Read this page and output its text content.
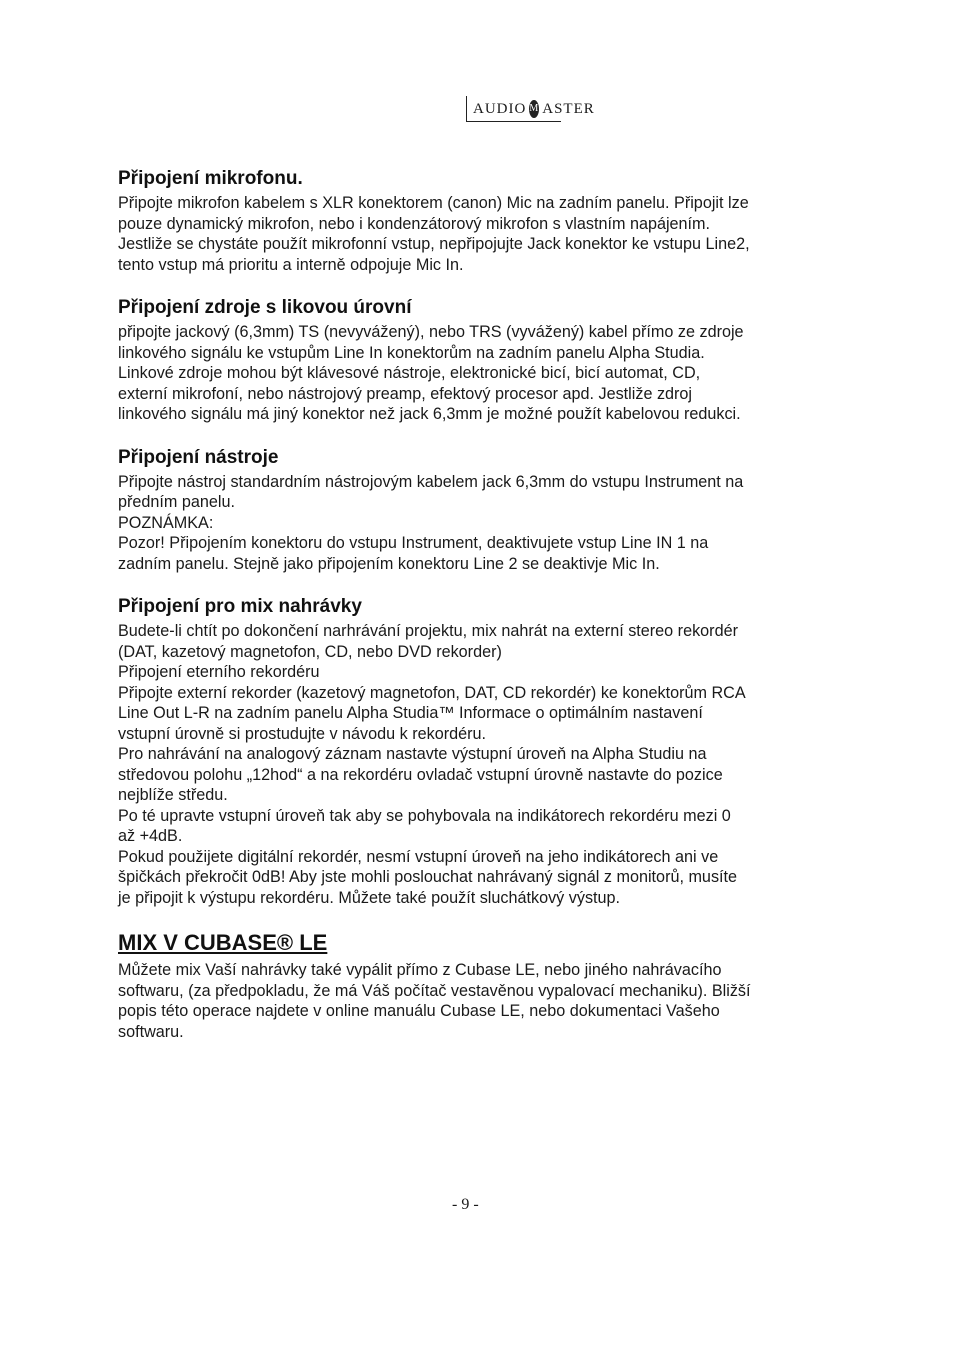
AUDIO M ASTER
Připojení mikrofonu.

Připojte mikrofon kabelem s XLR konektorem (canon) Mic na zadním panelu. Připojit lze

pouze dynamický mikrofon, nebo i kondenzátorový mikrofon s vlastním napájením.

Jestliže se chystáte použít mikrofonní vstup, nepřipojujte Jack konektor ke vstupu Line2,

tento vstup má prioritu a interně odpojuje Mic In.

Připojení zdroje s likovou úrovní

připojte jackový (6,3mm) TS (nevyvážený), nebo TRS (vyvážený) kabel přímo ze zdroje

linkového signálu ke vstupům Line In konektorům na zadním panelu Alpha Studia.

Linkové zdroje mohou být klávesové nástroje, elektronické bicí, bicí automat, CD,

externí mikrofoní, nebo nástrojový preamp, efektový procesor apd. Jestliže zdroj

linkového signálu má jiný konektor než jack 6,3mm je možné použít kabelovou redukci.

Připojení nástroje

Připojte nástroj standardním nástrojovým kabelem jack 6,3mm do vstupu Instrument na

předním panelu.

POZNÁMKA:

Pozor! Připojením konektoru do vstupu Instrument, deaktivujete vstup Line IN 1 na

zadním panelu. Stejně jako připojením konektoru Line 2 se deaktivje Mic In.

Připojení pro mix nahrávky

Budete-li chtít po dokončení narhrávání projektu, mix nahrát na externí stereo rekordér

(DAT, kazetový magnetofon, CD, nebo DVD rekorder)

Připojení eterního rekordéru

Připojte externí rekorder (kazetový magnetofon, DAT, CD rekordér) ke konektorům RCA

Line Out L-R na zadním panelu Alpha Studia™ Informace o optimálním nastavení

vstupní úrovně si prostudujte v návodu k rekordéru.

Pro nahrávání na analogový záznam nastavte výstupní úroveň na Alpha Studiu na

středovou polohu „12hod“ a na rekordéru ovladač vstupní úrovně nastavte do pozice

nejblíže středu.

Po té upravte vstupní úroveň tak aby se pohybovala na indikátorech rekordéru mezi 0

až +4dB.

Pokud použijete digitální rekordér, nesmí vstupní úroveň na jeho indikátorech ani ve

špičkách překročit 0dB! Aby jste mohli poslouchat nahrávaný signál z monitorů, musíte

je připojit k výstupu rekordéru. Můžete také použít sluchátkový výstup.

MIX V CUBASE® LE

Můžete mix Vaší nahrávky také vypálit přímo z Cubase LE, nebo jiného nahrávacího

softwaru, (za předpokladu, že má Váš počítač vestavěnou vypalovací mechaniku). Bližší

popis této operace najdete v online manuálu Cubase LE, nebo dokumentaci Vašeho

softwaru.

- 9 -
